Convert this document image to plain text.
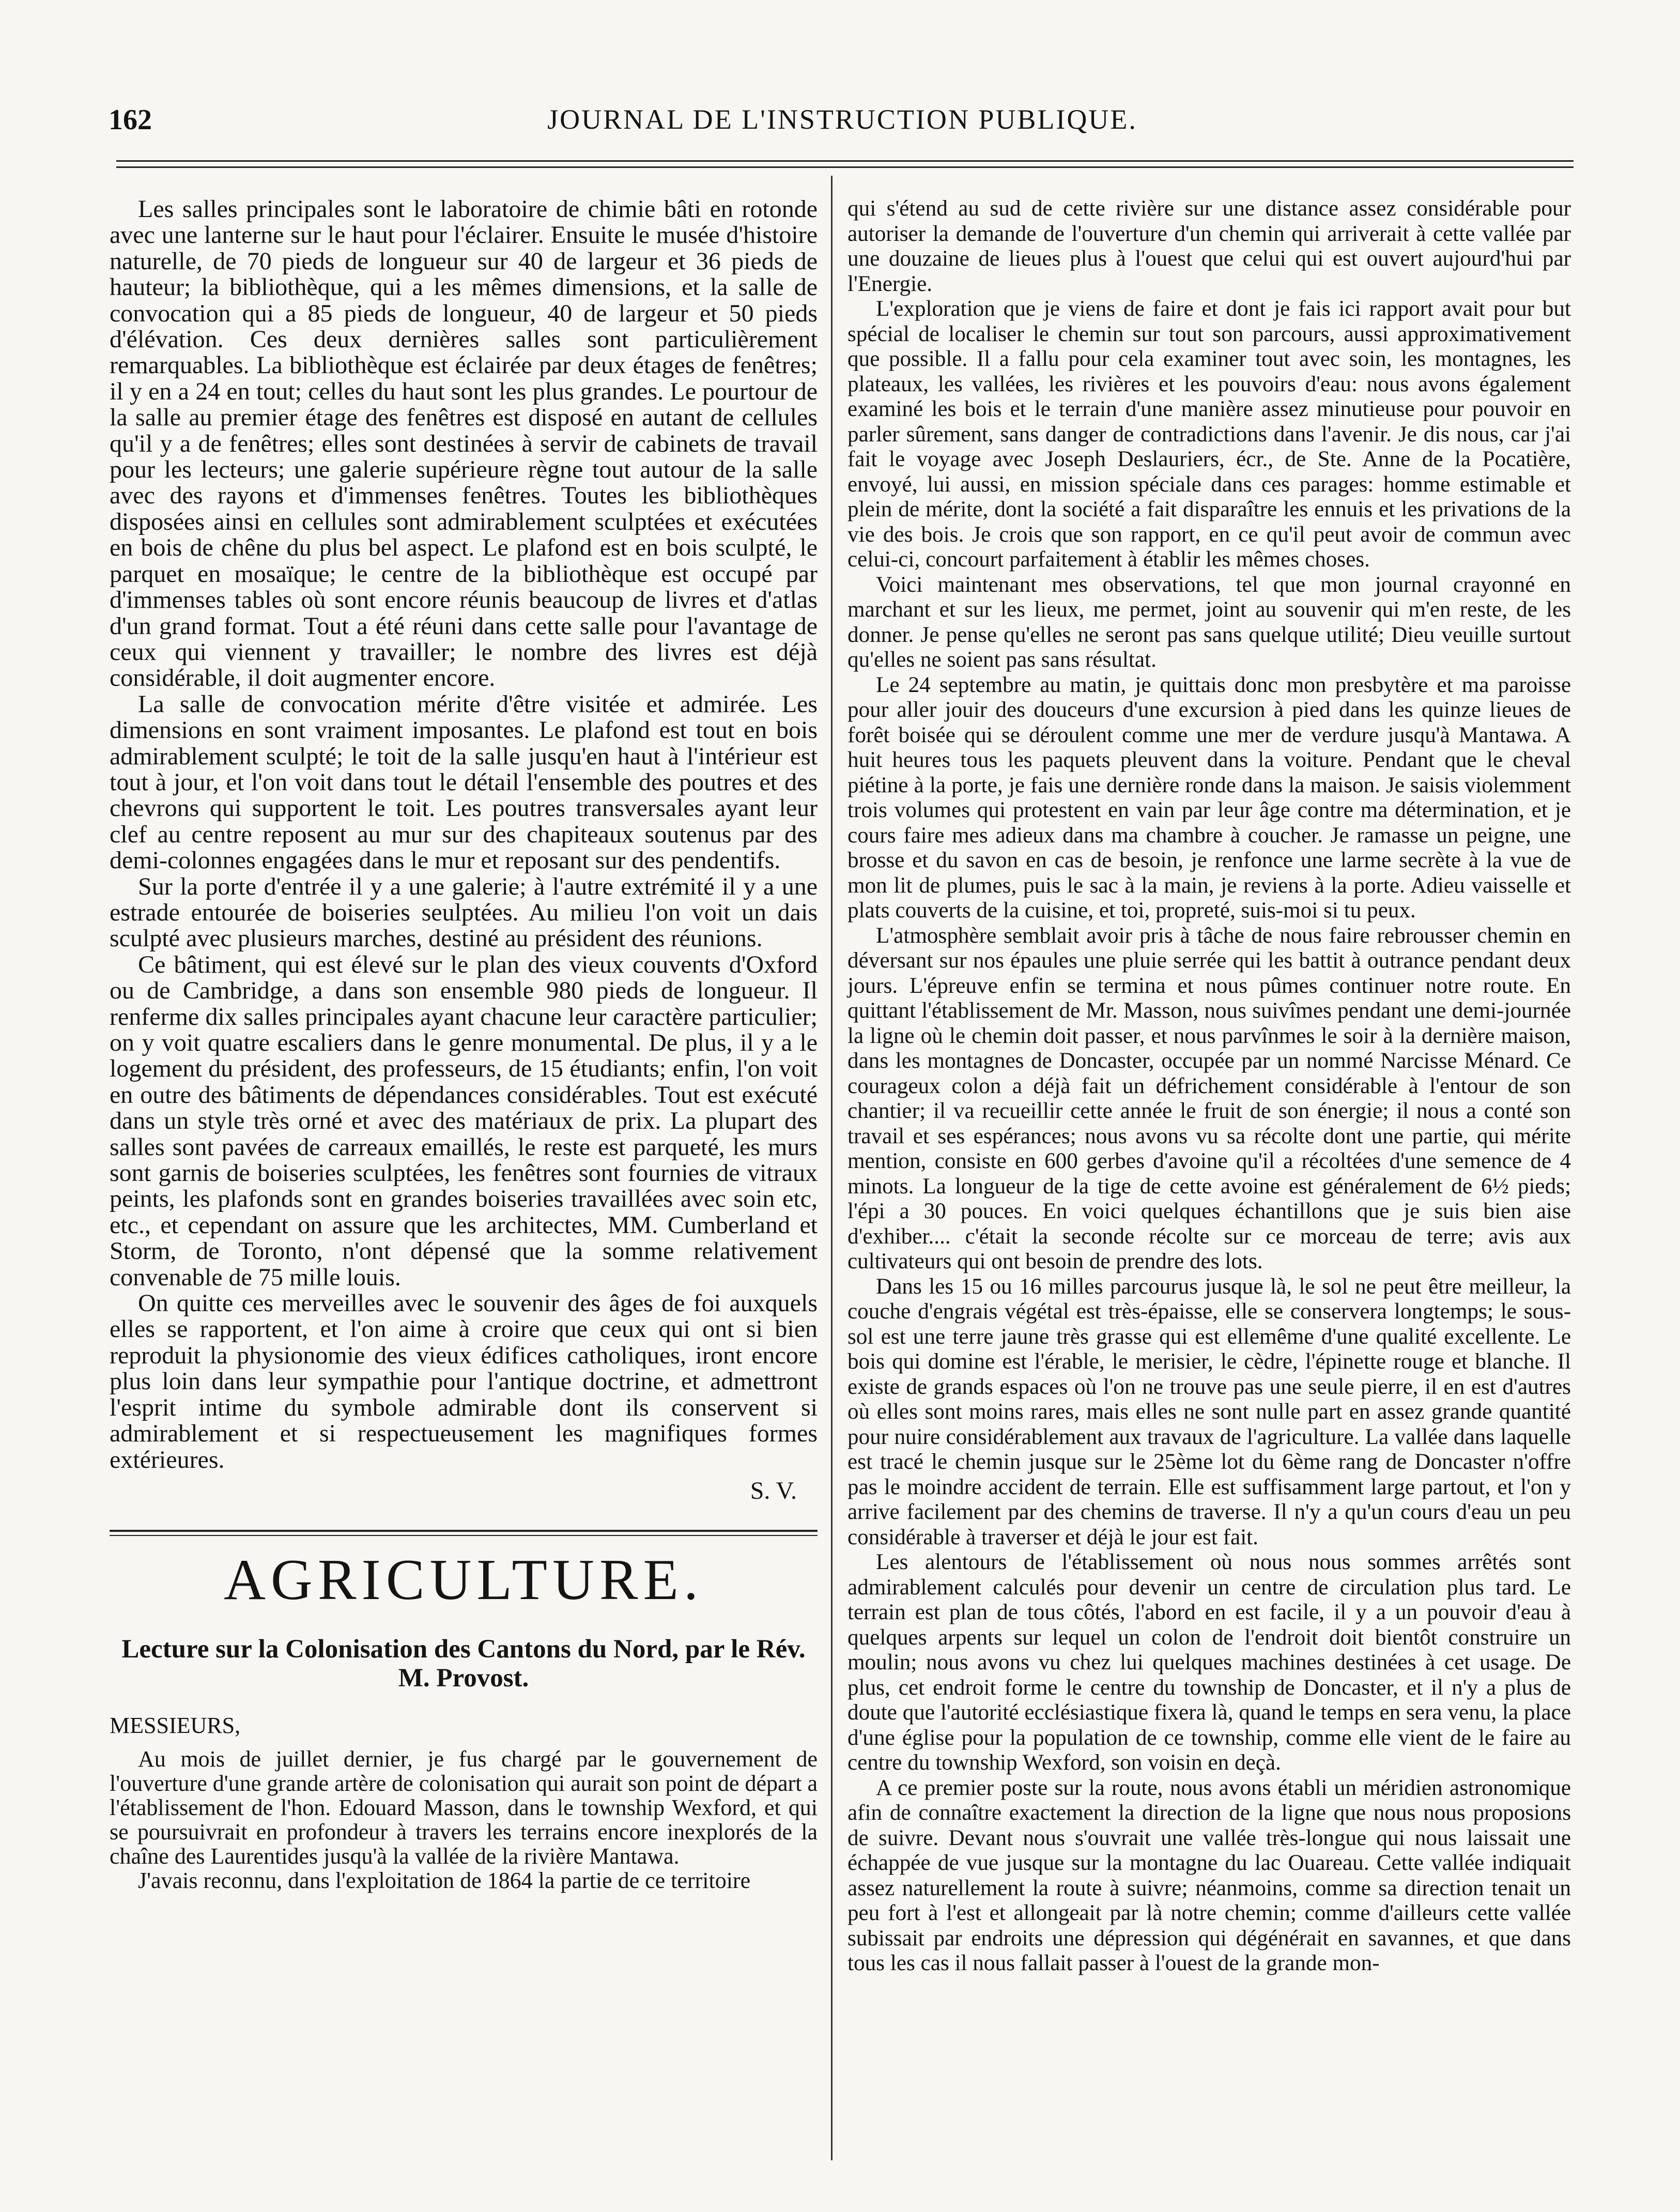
162	JOURNAL DE L'INSTRUCTION PUBLIQUE.

Les salles principales sont le laboratoire de chimie bâti en rotonde avec une lanterne sur le haut pour l'éclairer. Ensuite le musée d'histoire naturelle, de 70 pieds de longueur sur 40 de largeur et 36 pieds de hauteur; la bibliothèque, qui a les mêmes dimensions, et la salle de convocation qui a 85 pieds de longueur, 40 de largeur et 50 pieds d'élévation. Ces deux dernières salles sont particulièrement remarquables. La bibliothèque est éclairée par deux étages de fenêtres; il y en a 24 en tout; celles du haut sont les plus grandes. Le pourtour de la salle au premier étage des fenêtres est disposé en autant de cellules qu'il y a de fenêtres; elles sont destinées à servir de cabinets de travail pour les lecteurs; une galerie supérieure règne tout autour de la salle avec des rayons et d'immenses fenêtres. Toutes les bibliothèques disposées ainsi en cellules sont admirablement sculptées et exécutées en bois de chêne du plus bel aspect. Le plafond est en bois sculpté, le parquet en mosaïque; le centre de la bibliothèque est occupé par d'immenses tables où sont encore réunis beaucoup de livres et d'atlas d'un grand format. Tout a été réuni dans cette salle pour l'avantage de ceux qui viennent y travailler; le nombre des livres est déjà considérable, il doit augmenter encore.

La salle de convocation mérite d'être visitée et admirée. Les dimensions en sont vraiment imposantes. Le plafond est tout en bois admirablement sculpté; le toit de la salle jusqu'en haut à l'intérieur est tout à jour, et l'on voit dans tout le détail l'ensemble des poutres et des chevrons qui supportent le toit. Les poutres transversales ayant leur clef au centre reposent au mur sur des chapiteaux soutenus par des demi-colonnes engagées dans le mur et reposant sur des pendentifs.

Sur la porte d'entrée il y a une galerie; à l'autre extrémité il y a une estrade entourée de boiseries seulptées. Au milieu l'on voit un dais sculpté avec plusieurs marches, destiné au président des réunions.

Ce bâtiment, qui est élevé sur le plan des vieux couvents d'Oxford ou de Cambridge, a dans son ensemble 980 pieds de longueur. Il renferme dix salles principales ayant chacune leur caractère particulier; on y voit quatre escaliers dans le genre monumental. De plus, il y a le logement du président, des professeurs, de 15 étudiants; enfin, l'on voit en outre des bâtiments de dépendances considérables. Tout est exécuté dans un style très orné et avec des matériaux de prix. La plupart des salles sont pavées de carreaux emaillés, le reste est parqueté, les murs sont garnis de boiseries sculptées, les fenêtres sont fournies de vitraux peints, les plafonds sont en grandes boiseries travaillées avec soin etc, etc., et cependant on assure que les architectes, MM. Cumberland et Storm, de Toronto, n'ont dépensé que la somme relativement convenable de 75 mille louis.

On quitte ces merveilles avec le souvenir des âges de foi auxquels elles se rapportent, et l'on aime à croire que ceux qui ont si bien reproduit la physionomie des vieux édifices catholiques, iront encore plus loin dans leur sympathie pour l'antique doctrine, et admettront l'esprit intime du symbole admirable dont ils conservent si admirablement et si respectueusement les magnifiques formes extérieures.

S. V.

AGRICULTURE.
Lecture sur la Colonisation des Cantons du Nord, par le Rév. M. Provost.

MESSIEURS,

Au mois de juillet dernier, je fus chargé par le gouvernement de l'ouverture d'une grande artère de colonisation qui aurait son point de départ a l'établissement de l'hon. Edouard Masson, dans le township Wexford, et qui se poursuivrait en profondeur à travers les terrains encore inexplorés de la chaîne des Laurentides jusqu'à la vallée de la rivière Mantawa.

J'avais reconnu, dans l'exploitation de 1864 la partie de ce territoire

qui s'étend au sud de cette rivière sur une distance assez considérable pour autoriser la demande de l'ouverture d'un chemin qui arriverait à cette vallée par une douzaine de lieues plus à l'ouest que celui qui est ouvert aujourd'hui par l'Energie.

L'exploration que je viens de faire et dont je fais ici rapport avait pour but spécial de localiser le chemin sur tout son parcours, aussi approximativement que possible. Il a fallu pour cela examiner tout avec soin, les montagnes, les plateaux, les vallées, les rivières et les pouvoirs d'eau: nous avons également examiné les bois et le terrain d'une manière assez minutieuse pour pouvoir en parler sûrement, sans danger de contradictions dans l'avenir. Je dis nous, car j'ai fait le voyage avec Joseph Deslauriers, écr., de Ste. Anne de la Pocatière, envoyé, lui aussi, en mission spéciale dans ces parages: homme estimable et plein de mérite, dont la société a fait disparaître les ennuis et les privations de la vie des bois. Je crois que son rapport, en ce qu'il peut avoir de commun avec celui-ci, concourt parfaitement à établir les mêmes choses.

Voici maintenant mes observations, tel que mon journal crayonné en marchant et sur les lieux, me permet, joint au souvenir qui m'en reste, de les donner. Je pense qu'elles ne seront pas sans quelque utilité; Dieu veuille surtout qu'elles ne soient pas sans résultat.

Le 24 septembre au matin, je quittais donc mon presbytère et ma paroisse pour aller jouir des douceurs d'une excursion à pied dans les quinze lieues de forêt boisée qui se déroulent comme une mer de verdure jusqu'à Mantawa. A huit heures tous les paquets pleuvent dans la voiture. Pendant que le cheval piétine à la porte, je fais une dernière ronde dans la maison. Je saisis violemment trois volumes qui protestent en vain par leur âge contre ma détermination, et je cours faire mes adieux dans ma chambre à coucher. Je ramasse un peigne, une brosse et du savon en cas de besoin, je renfonce une larme secrète à la vue de mon lit de plumes, puis le sac à la main, je reviens à la porte. Adieu vaisselle et plats couverts de la cuisine, et toi, propreté, suis-moi si tu peux.

L'atmosphère semblait avoir pris à tâche de nous faire rebrousser chemin en déversant sur nos épaules une pluie serrée qui les battit à outrance pendant deux jours. L'épreuve enfin se termina et nous pûmes continuer notre route. En quittant l'établissement de Mr. Masson, nous suivîmes pendant une demi-journée la ligne où le chemin doit passer, et nous parvînmes le soir à la dernière maison, dans les montagnes de Doncaster, occupée par un nommé Narcisse Ménard. Ce courageux colon a déjà fait un défrichement considérable à l'entour de son chantier; il va recueillir cette année le fruit de son énergie; il nous a conté son travail et ses espérances; nous avons vu sa récolte dont une partie, qui mérite mention, consiste en 600 gerbes d'avoine qu'il a récoltées d'une semence de 4 minots. La longueur de la tige de cette avoine est généralement de 6½ pieds; l'épi a 30 pouces. En voici quelques échantillons que je suis bien aise d'exhiber.... c'était la seconde récolte sur ce morceau de terre; avis aux cultivateurs qui ont besoin de prendre des lots.

Dans les 15 ou 16 milles parcourus jusque là, le sol ne peut être meilleur, la couche d'engrais végétal est très-épaisse, elle se conservera longtemps; le sous-sol est une terre jaune très grasse qui est ellemême d'une qualité excellente. Le bois qui domine est l'érable, le merisier, le cèdre, l'épinette rouge et blanche. Il existe de grands espaces où l'on ne trouve pas une seule pierre, il en est d'autres où elles sont moins rares, mais elles ne sont nulle part en assez grande quantité pour nuire considérablement aux travaux de l'agriculture. La vallée dans laquelle est tracé le chemin jusque sur le 25ème lot du 6ème rang de Doncaster n'offre pas le moindre accident de terrain. Elle est suffisamment large partout, et l'on y arrive facilement par des chemins de traverse. Il n'y a qu'un cours d'eau un peu considérable à traverser et déjà le jour est fait.

Les alentours de l'établissement où nous nous sommes arrêtés sont admirablement calculés pour devenir un centre de circulation plus tard. Le terrain est plan de tous côtés, l'abord en est facile, il y a un pouvoir d'eau à quelques arpents sur lequel un colon de l'endroit doit bientôt construire un moulin; nous avons vu chez lui quelques machines destinées à cet usage. De plus, cet endroit forme le centre du township de Doncaster, et il n'y a plus de doute que l'autorité ecclésiastique fixera là, quand le temps en sera venu, la place d'une église pour la population de ce township, comme elle vient de le faire au centre du township Wexford, son voisin en deçà.

A ce premier poste sur la route, nous avons établi un méridien astronomique afin de connaître exactement la direction de la ligne que nous nous proposions de suivre. Devant nous s'ouvrait une vallée très-longue qui nous laissait une échappée de vue jusque sur la montagne du lac Ouareau. Cette vallée indiquait assez naturellement la route à suivre; néanmoins, comme sa direction tenait un peu fort à l'est et allongeait par là notre chemin; comme d'ailleurs cette vallée subissait par endroits une dépression qui dégénérait en savannes, et que dans tous les cas il nous fallait passer à l'ouest de la grande mon-
